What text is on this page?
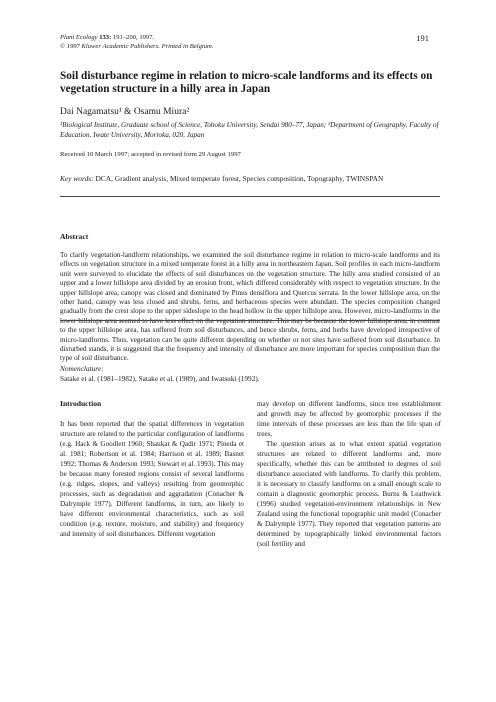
Plant Ecology 133: 191–200, 1997.
© 1997 Kluwer Academic Publishers. Printed in Belgium.
191
Soil disturbance regime in relation to micro-scale landforms and its effects on vegetation structure in a hilly area in Japan
Dai Nagamatsu¹ & Osamu Miura²
¹Biological Institute, Graduate school of Science, Tohoku University, Sendai 980–77, Japan; ²Department of Geography, Faculty of Education, Iwate University, Morioka, 020, Japan
Received 10 March 1997; accepted in revised form 29 August 1997
Key words: DCA, Gradient analysis, Mixed temperate forest, Species composition, Topography, TWINSPAN
Abstract
To clarify vegetation-landform relationships, we examined the soil disturbance regime in relation to micro-scale landforms and its effects on vegetation structure in a mixed temperate forest in a hilly area in northeastern Japan. Soil profiles in each micro-landform unit were surveyed to elucidate the effects of soil disturbances on the vegetation structure. The hilly area studied consisted of an upper and a lower hillslope area divided by an erosion front, which differed considerably with respect to vegetation structure. In the upper hillslope area, canopy was closed and dominated by Pinus densiflora and Quercus serrata. In the lower hillslope area, on the other hand, canopy was less closed and shrubs, ferns, and herbaceous species were abundant. The species composition changed gradually from the crest slope to the upper sideslope to the head hollow in the upper hillslope area. However, micro-landforms in the lower hillslope area seemed to have less effect on the vegetation structure. This may be because the lower hillslope area, in contrast to the upper hillslope area, has suffered from soil disturbances, and hence shrubs, ferns, and herbs have developed irrespective of micro-landforms. Thus, vegetation can be quite different depending on whether or not sites have suffered from soil disturbance. In disturbed stands, it is suggested that the frequency and intensity of disturbance are more important for species composition than the type of soil disturbance.
Nomenclature:
Satake et al. (1981–1982), Satake et al. (1989), and Iwatsuki (1992).
Introduction

It has been reported that the spatial differences in vegetation structure are related to the particular configuration of landforms (e.g. Hack & Goodlett 1960; Shaukat & Qadir 1971; Pineda et al. 1981; Robertson et al. 1984; Harrison et al. 1989; Basnet 1992; Thomas & Anderson 1993; Stewart et al. 1993). This may be because many forested regions consist of several landforms (e.g. ridges, slopes, and valleys) resulting from geomorphic processes, such as degradation and aggradation (Conacher & Dalrymple 1977). Different landforms, in turn, are likely to have different environmental characteristics, such as soil condition (e.g. texture, moisture, and stability) and frequency and intensity of soil disturbances. Different vegetation

may develop on different landforms, since tree establishment and growth may be affected by geomorphic processes if the time intervals of these processes are less than the life span of trees.

The question arises as to what extent spatial vegetation structures are related to different landforms and, more specifically, whether this can be attributed to degrees of soil disturbance associated with landforms. To clarify this problem, it is necessary to classify landforms on a small enough scale to contain a diagnostic geomorphic process. Burns & Leathwick (1996) studied vegetation-environment relationships in New Zealand using the functional topographic unit model (Conacher & Dalrymple 1977). They reported that vegetation patterns are determined by topographically linked environmental factors (soil fertility and
